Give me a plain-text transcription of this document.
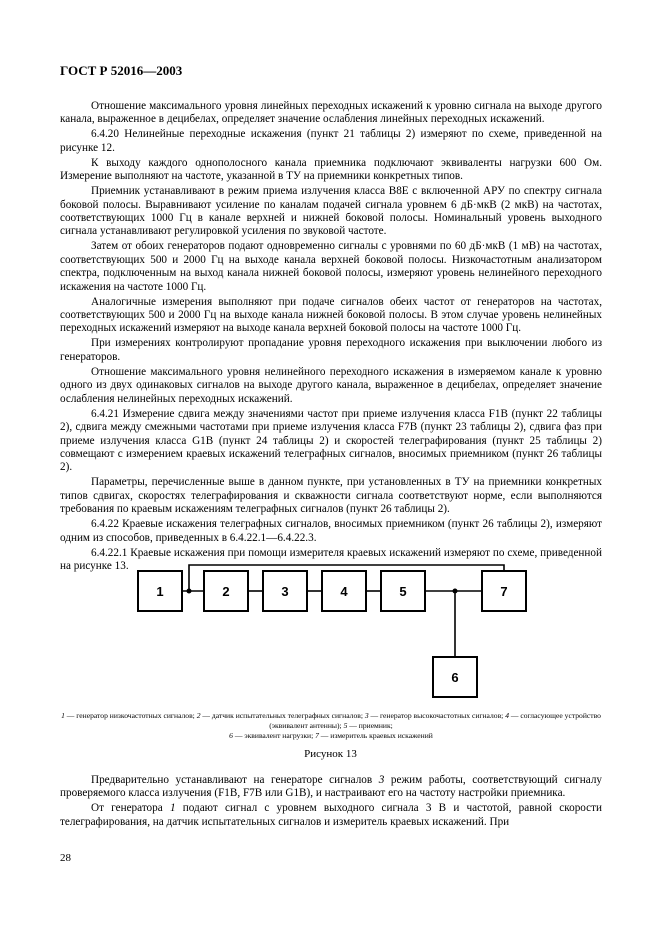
ГОСТ Р 52016—2003

Отношение максимального уровня линейных переходных искажений к уровню сигнала на выходе другого канала, выраженное в децибелах, определяет значение ослабления линейных переходных искажений.

6.4.20 Нелинейные переходные искажения (пункт 21 таблицы 2) измеряют по схеме, приведенной на рисунке 12.

К выходу каждого однополосного канала приемника подключают эквиваленты нагрузки 600 Ом. Измерение выполняют на частоте, указанной в ТУ на приемники конкретных типов.

Приемник устанавливают в режим приема излучения класса В8Е с включенной АРУ по спектру сигнала боковой полосы. Выравнивают усиление по каналам подачей сигнала уровнем 6 дБ·мкВ (2 мкВ) на частотах, соответствующих 1000 Гц в канале верхней и нижней боковой полосы. Номинальный уровень выходного сигнала устанавливают регулировкой усиления по звуковой частоте.

Затем от обоих генераторов подают одновременно сигналы с уровнями по 60 дБ·мкВ (1 мВ) на частотах, соответствующих 500 и 2000 Гц на выходе канала верхней боковой полосы. Низкочастотным анализатором спектра, подключенным на выход канала нижней боковой полосы, измеряют уровень нелинейного переходного искажения на частоте 1000 Гц.

Аналогичные измерения выполняют при подаче сигналов обеих частот от генераторов на частотах, соответствующих 500 и 2000 Гц на выходе канала нижней боковой полосы. В этом случае уровень нелинейных переходных искажений измеряют на выходе канала верхней боковой полосы на частоте 1000 Гц.

При измерениях контролируют пропадание уровня переходного искажения при выключении любого из генераторов.

Отношение максимального уровня нелинейного переходного искажения в измеряемом канале к уровню одного из двух одинаковых сигналов на выходе другого канала, выраженное в децибелах, определяет значение ослабления нелинейных переходных искажений.

6.4.21 Измерение сдвига между значениями частот при приеме излучения класса F1B (пункт 22 таблицы 2), сдвига между смежными частотами при приеме излучения класса F7B (пункт 23 таблицы 2), сдвига фаз при приеме излучения класса G1B (пункт 24 таблицы 2) и скоростей телеграфирования (пункт 25 таблицы 2) совмещают с измерением краевых искажений телеграфных сигналов, вносимых приемником (пункт 26 таблицы 2).

Параметры, перечисленные выше в данном пункте, при установленных в ТУ на приемники конкретных типов сдвигах, скоростях телеграфирования и скважности сигнала соответствуют норме, если выполняются требования по краевым искажениям телеграфных сигналов (пункт 26 таблицы 2).

6.4.22 Краевые искажения телеграфных сигналов, вносимых приемником (пункт 26 таблицы 2), измеряют одним из способов, приведенных в 6.4.22.1—6.4.22.3.

6.4.22.1 Краевые искажения при помощи измерителя краевых искажений измеряют по схеме, приведенной на рисунке 13.

1	2	3	4	5
6
7
1 — генератор низкочастотных сигналов; 2 — датчик испытательных телеграфных сигналов; 3 — генератор высокочастотных сигналов; 4 — согласующее устройство (эквивалент антенны); 5 — приемник;
6 — эквивалент нагрузки; 7 — измеритель краевых искажений
Рисунок 13

Предварительно устанавливают на генераторе сигналов 3 режим работы, соответствующий сигналу проверяемого класса излучения (F1B, F7B или G1B), и настраивают его на частоту настройки приемника.

От генератора 1 подают сигнал с уровнем выходного сигнала 3 В и частотой, равной скорости телеграфирования, на датчик испытательных сигналов и измеритель краевых искажений. При

28
